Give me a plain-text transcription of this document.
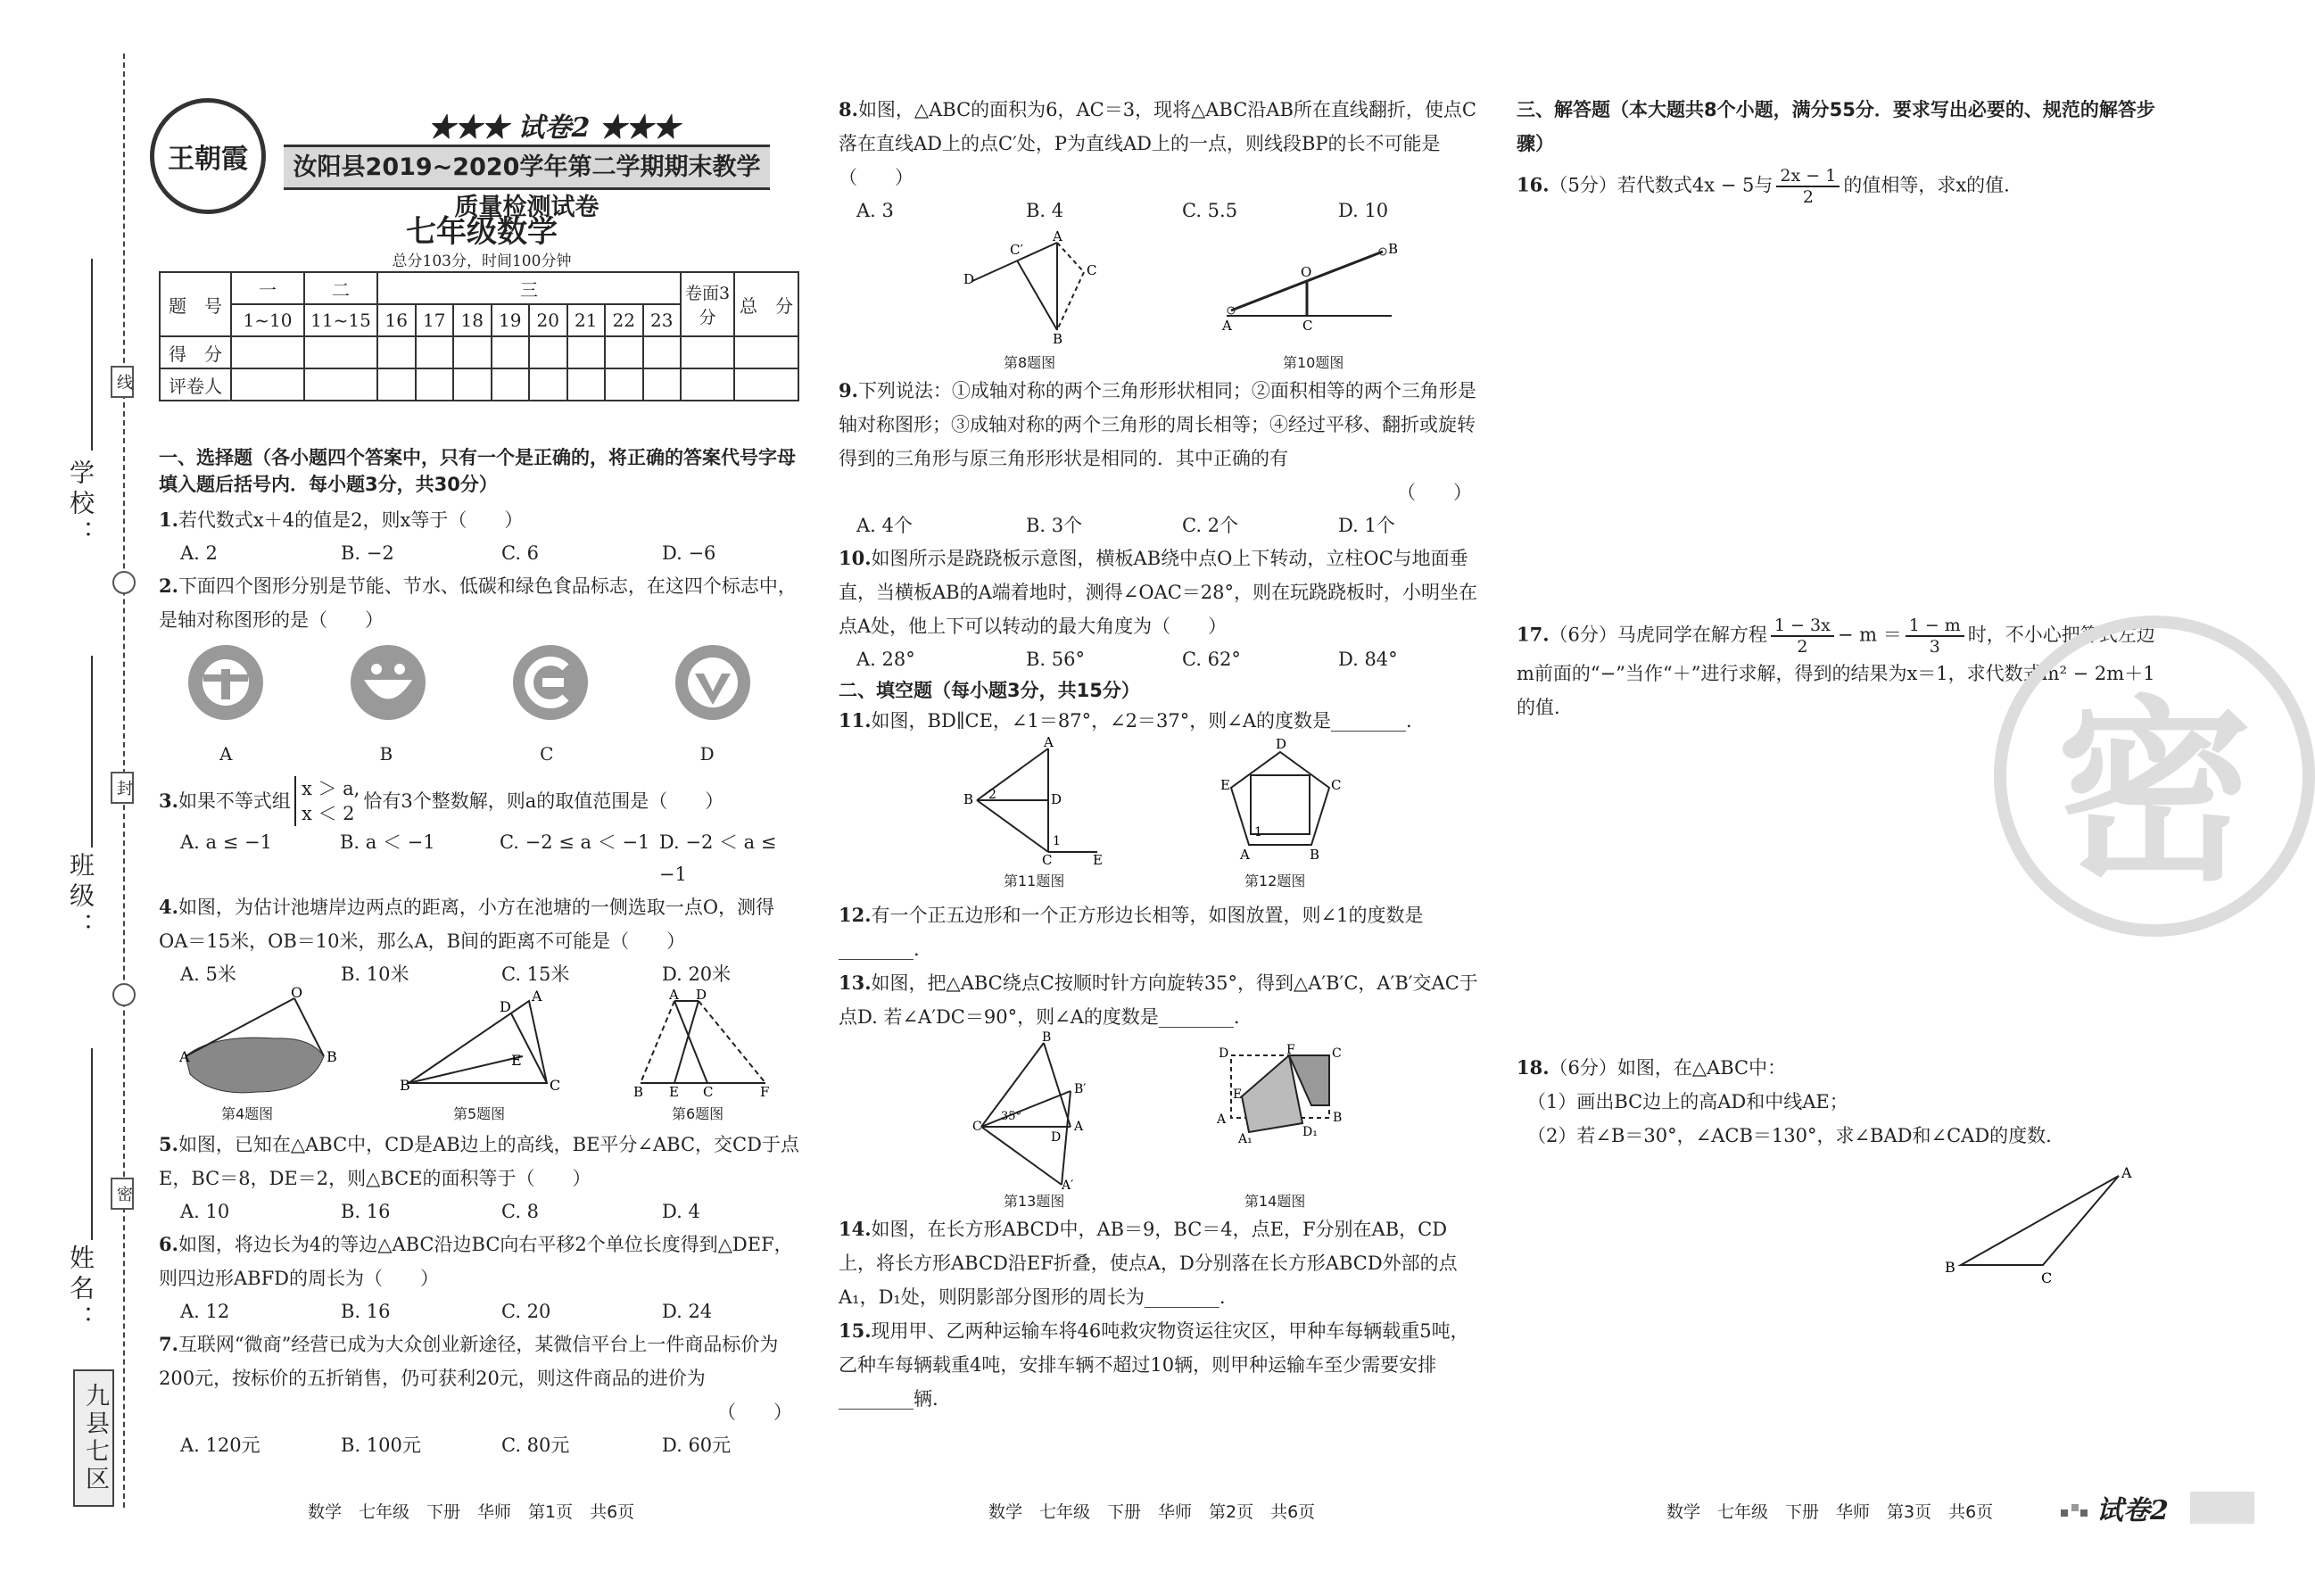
学校：
班级：
姓名：
线
封
密
九县七区
王朝霞
★★★ 试卷2 ★★★
汝阳县2019~2020学年第二学期期末教学质量检测试卷
七年级数学
总分103分，时间100分钟
题　号	一	二	三								卷面3分	总　分
	1~10	11~15	16	17	18	19	20	21	22	23		
得　分												
评卷人												
一、选择题（各小题四个答案中，只有一个是正确的，将正确的答案代号字母填入题后括号内．每小题3分，共30分）
1.若代数式x＋4的值是2，则x等于（　　）
A. 2	B. −2	C. 6	D. −6
2.下面四个图形分别是节能、节水、低碳和绿色食品标志，在这四个标志中，是轴对称图形的是（　　）
A	B	C	D
3. 如果不等式组
x ＞ a,
x ＜ 2
恰有3个整数解，则a的取值范围是（　　）
A. a ≤ −1	B. a ＜ −1	C. −2 ≤ a ＜ −1 D. −2 ＜ a ≤ −1
4.如图，为估计池塘岸边两点的距离，小方在池塘的一侧选取一点O，测得OA＝15米，OB＝10米，那么A，B间的距离不可能是（　　）
A. 5米	B. 10米	C. 15米	D. 20米
A
O
B
B
A
D
E
C	B E C	F
A D
第4题图	第5题图	第6题图
5.如图，已知在△ABC中，CD是AB边上的高线，BE平分∠ABC，交CD于点E，BC＝8，DE＝2，则△BCE的面积等于（　　）
A. 10	B. 16	C. 8	D. 4
6.如图，将边长为4的等边△ABC沿边BC向右平移2个单位长度得到△DEF，则四边形ABFD的周长为（　　）
A. 12	B. 16	C. 20	D. 24
7.互联网“微商”经营已成为大众创业新途径，某微信平台上一件商品标价为200元，按标价的五折销售，仍可获利20元，则这件商品的进价为
（　　）
A. 120元	B. 100元	C. 80元	D. 60元
8.如图，△ABC的面积为6，AC＝3，现将△ABC沿AB所在直线翻折，使点C落在直线AD上的点C′处，P为直线AD上的一点，则线段BP的长不可能是（　　）
A. 3	B. 4	C. 5.5	D. 10
D
C′
A
C
B
A
O
C
B
第8题图	第10题图
9.下列说法：①成轴对称的两个三角形形状相同；②面积相等的两个三角形是轴对称图形；③成轴对称的两个三角形的周长相等；④经过平移、翻折或旋转得到的三角形与原三角形形状是相同的．其中正确的有
（　　）
A. 4个	B. 3个	C. 2个	D. 1个
10.如图所示是跷跷板示意图，横板AB绕中点O上下转动，立柱OC与地面垂直，当横板AB的A端着地时，测得∠OAC＝28°，则在玩跷跷板时，小明坐在点A处，他上下可以转动的最大角度为（　　）
A. 28°	B. 56°	C. 62°	D. 84°
二、填空题（每小题3分，共15分）
11.如图，BD∥CE，∠1＝87°，∠2＝37°，则∠A的度数是________.
A
B	D
C	E
2
1
D
C
E
A	B
1
第11题图	第12题图
12.有一个正五边形和一个正方形边长相等，如图放置，则∠1的度数是________.
13.如图，把△ABC绕点C按顺时针方向旋转35°，得到△A′B′C，A′B′交AC于点D. 若∠A′DC＝90°，则∠A的度数是________.
B
B′
C	A
D
A′
35°
D	F	C
E
A	B
A₁	D₁
第13题图	第14题图
14.如图，在长方形ABCD中，AB＝9，BC＝4，点E，F分别在AB，CD上，将长方形ABCD沿EF折叠，使点A，D分别落在长方形ABCD外部的点A₁，D₁处，则阴影部分图形的周长为________.
15.现用甲、乙两种运输车将46吨救灾物资运往灾区，甲种车每辆载重5吨，乙种车每辆载重4吨，安排车辆不超过10辆，则甲种运输车至少需要安排________辆.
三、解答题（本大题共8个小题，满分55分．要求写出必要的、规范的解答步骤）
16.（5分）若代数式4x − 5与 $\frac{2x - 1}{2}$ 的值相等，求x的值.
17.（6分）马虎同学在解方程 $\frac{1 - 3x}{2} - m = \frac{1 - m}{3}$ 时，不小心把等式左边m前面的“−”当作“＋”进行求解，得到的结果为x＝1，求代数式m² − 2m＋1的值.
18.（6分）如图，在△ABC中：
（1）画出BC边上的高AD和中线AE；
（2）若∠B＝30°，∠ACB＝130°，求∠BAD和∠CAD的度数.
B
A
C
密
数学　七年级　下册　华师　第1页　共6页	数学　七年级　下册　华师　第2页　共6页	数学　七年级　下册　华师　第3页　共6页	试卷2
